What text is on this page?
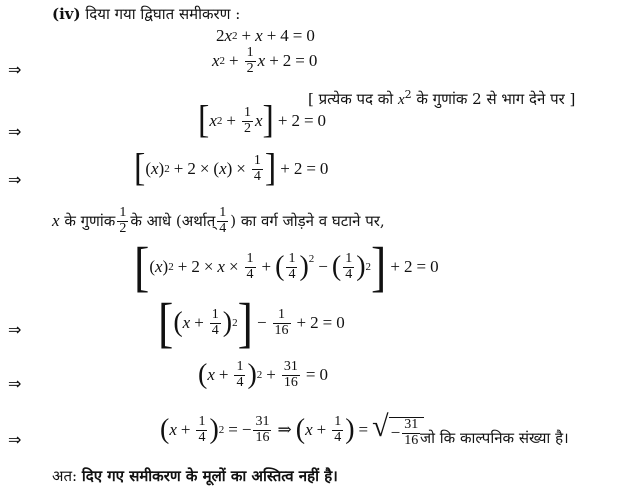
(iv) दिया गया द्विघात समीकरण :
2 x 2 + x + 4 = 0
⇒	x $2 + \frac{1}{2}$ x + 2 = 0
[ प्रत्येक पद को $x^2$ के गुणांक 2 से भाग देने पर ]
⇒	[ x $2 + \frac{1}{2}$ x ] + 2 = 0
⇒	[ ( x ) 2 + 2 × ( x ) × $\frac{1}{4}$ ] + 2 = 0
x
के गुणांक $\frac{1}{2}$ के आधे (अर्थात् $\frac{1}{4}$ ) का वर्ग जोड़ने व घटाने पर,
[ ( x ) $2 + 2 \times x \times \frac{1}{4}$ + ( $\frac{1}{4} )^2$ − ( $\frac{1}{4}$ ) 2 ] + 2 = 0
⇒	[ ( $x + \frac{1}{4}$ ) 2 ] − $\frac{1}{16} + 2 = 0$
⇒	( $x + \frac{1}{4}$ ) $2 + \frac{31}{16} = 0$
⇒	( $x + \frac{1}{4}$ ) 2 = − $\frac{31}{16}$ ⇒ ( $x + \frac{1}{4}$ ) = √ − $\frac{31}{16}$ जो कि काल्पनिक संख्या है।
अत: दिए गए समीकरण के मूलों का अस्तित्व नहीं है।
